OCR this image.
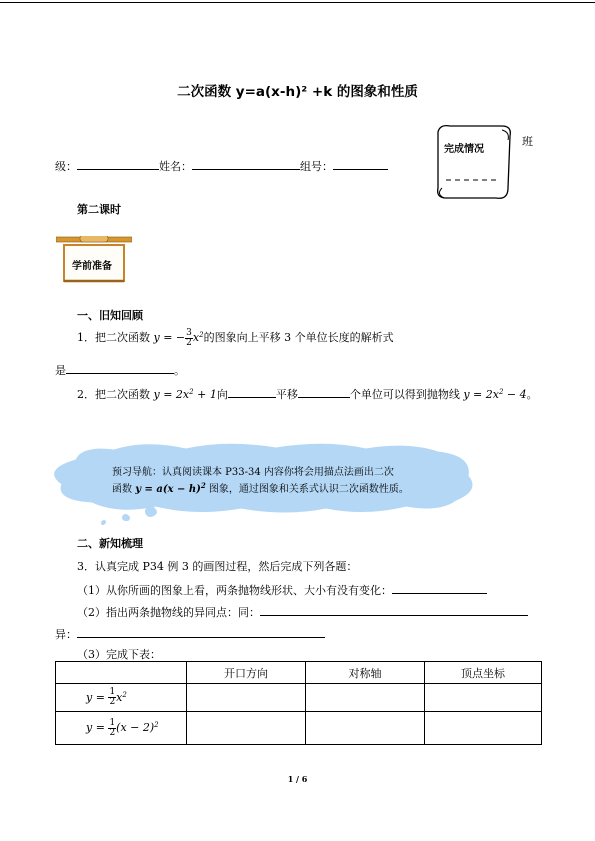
二次函数 y=a(x-h)² +k 的图象和性质
完成情况
班
级：	姓名：	组号：
第二课时
学前准备
一、旧知回顾
1．把二次函数 y = − $\frac{3}{2} x^2$的图象向上平移 3 个单位长度的解析式
是	。
2．把二次函数 $y = 2x^2 + 1$向	平移	个单位可以得到抛物线 $y = 2x^2 - 4$。
预习导航：认真阅读课本 P33-34 内容你将会用描点法画出二次
函数 $y = a(x - h)^2$ 图象，通过图象和关系式认识二次函数性质。
二、新知梳理
3．认真完成 P34 例 3 的画图过程，然后完成下列各题：
（1）从你所画的图象上看，两条抛物线形状、大小有没有变化：
（2）指出两条抛物线的异同点：同：
异：
（3）完成下表：
	开口方向	对称轴	顶点坐标
$y = \frac{1}{2} x^2$			
$y = \frac{1}{2} (x - 2)^2$			
1 / 6
